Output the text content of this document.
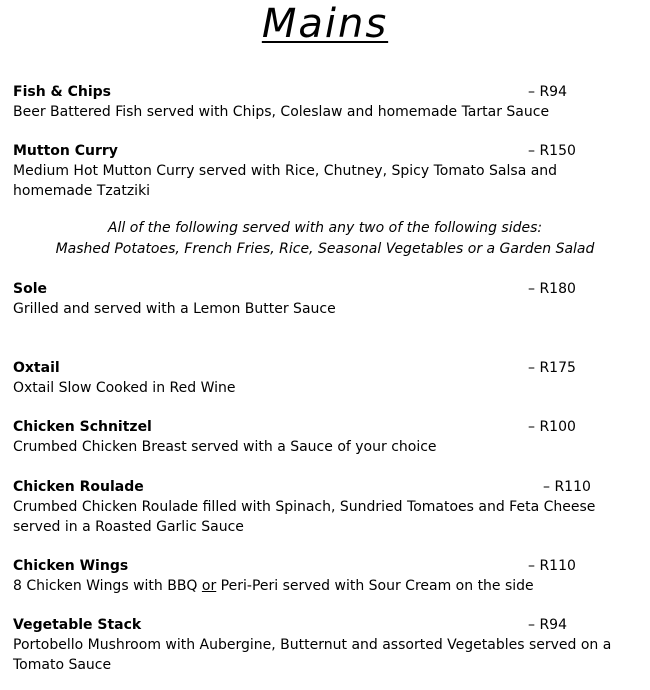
Mains
Fish & Chips	– R94
Beer Battered Fish served with Chips, Coleslaw and homemade Tartar Sauce
Mutton Curry	– R150
Medium Hot Mutton Curry served with Rice, Chutney, Spicy Tomato Salsa and homemade Tzatziki
All of the following served with any two of the following sides:
Mashed Potatoes, French Fries, Rice, Seasonal Vegetables or a Garden Salad
Sole	– R180
Grilled and served with a Lemon Butter Sauce
Oxtail	– R175
Oxtail Slow Cooked in Red Wine
Chicken Schnitzel	– R100
Crumbed Chicken Breast served with a Sauce of your choice
Chicken Roulade	– R110
Crumbed Chicken Roulade filled with Spinach, Sundried Tomatoes and Feta Cheese served in a Roasted Garlic Sauce
Chicken Wings	– R110
8 Chicken Wings with BBQ or Peri-Peri served with Sour Cream on the side
Vegetable Stack	– R94
Portobello Mushroom with Aubergine, Butternut and assorted Vegetables served on a Tomato Sauce
